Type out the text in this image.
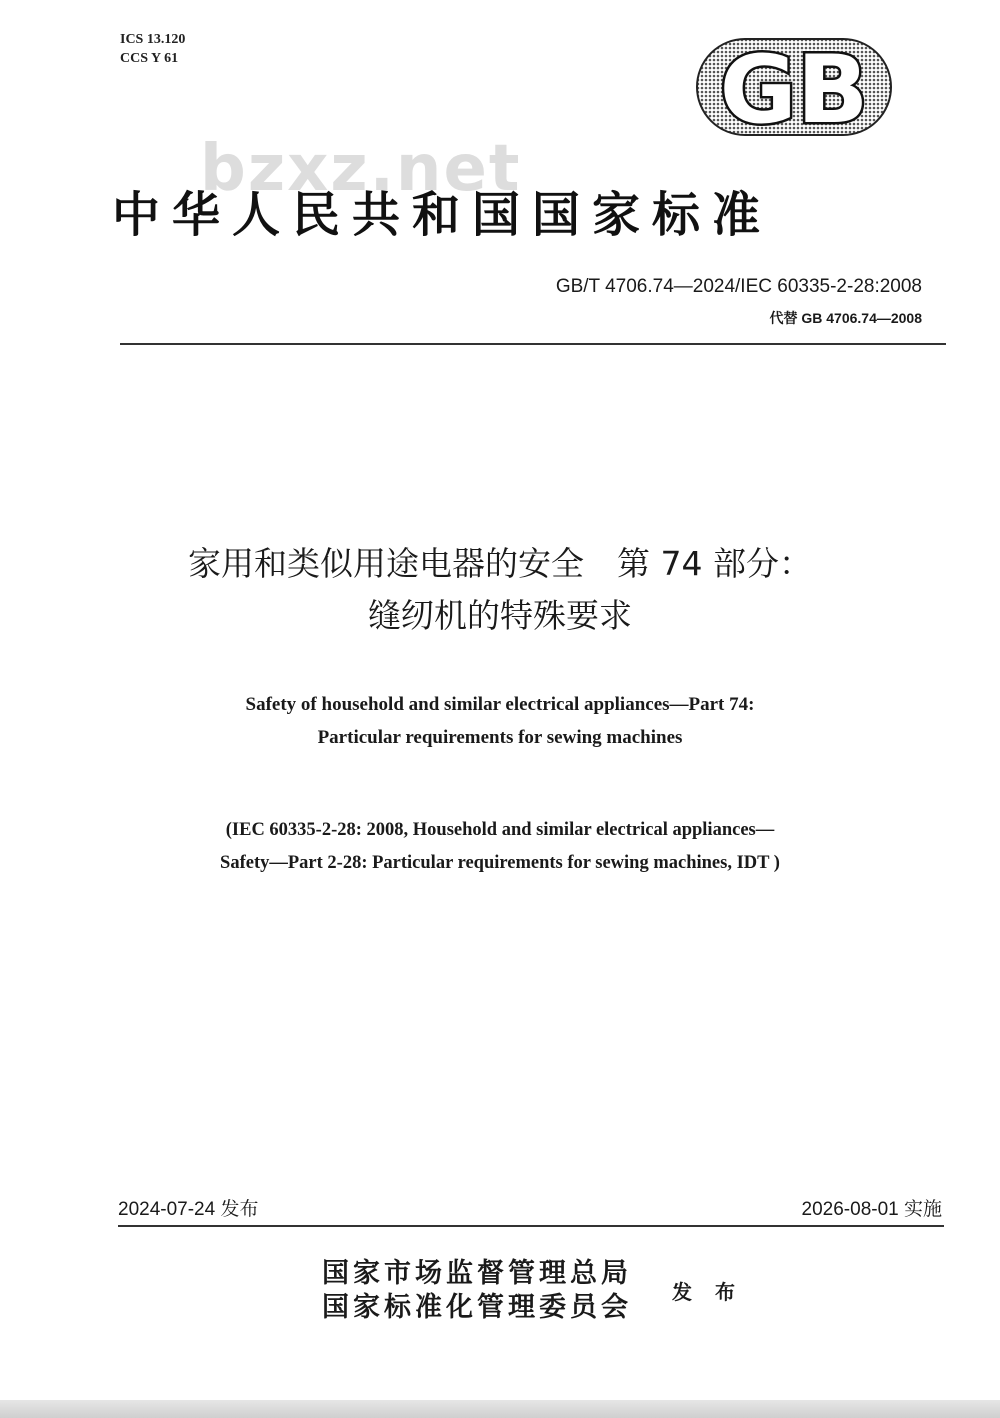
ICS 13.120
CCS Y 61	GB
bzxz.net
中华人民共和国国家标准
GB/T 4706.74—2024/IEC 60335-2-28:2008
代替 GB 4706.74—2008
家用和类似用途电器的安全　第 74 部分：
缝纫机的特殊要求
Safety of household and similar electrical appliances—Part 74:
Particular requirements for sewing machines
(IEC 60335-2-28: 2008, Household and similar electrical appliances—
Safety—Part 2-28: Particular requirements for sewing machines, IDT )
2024-07-24 发布	2026-08-01 实施
国家市场监督管理总局
国家标准化管理委员会 发 布
